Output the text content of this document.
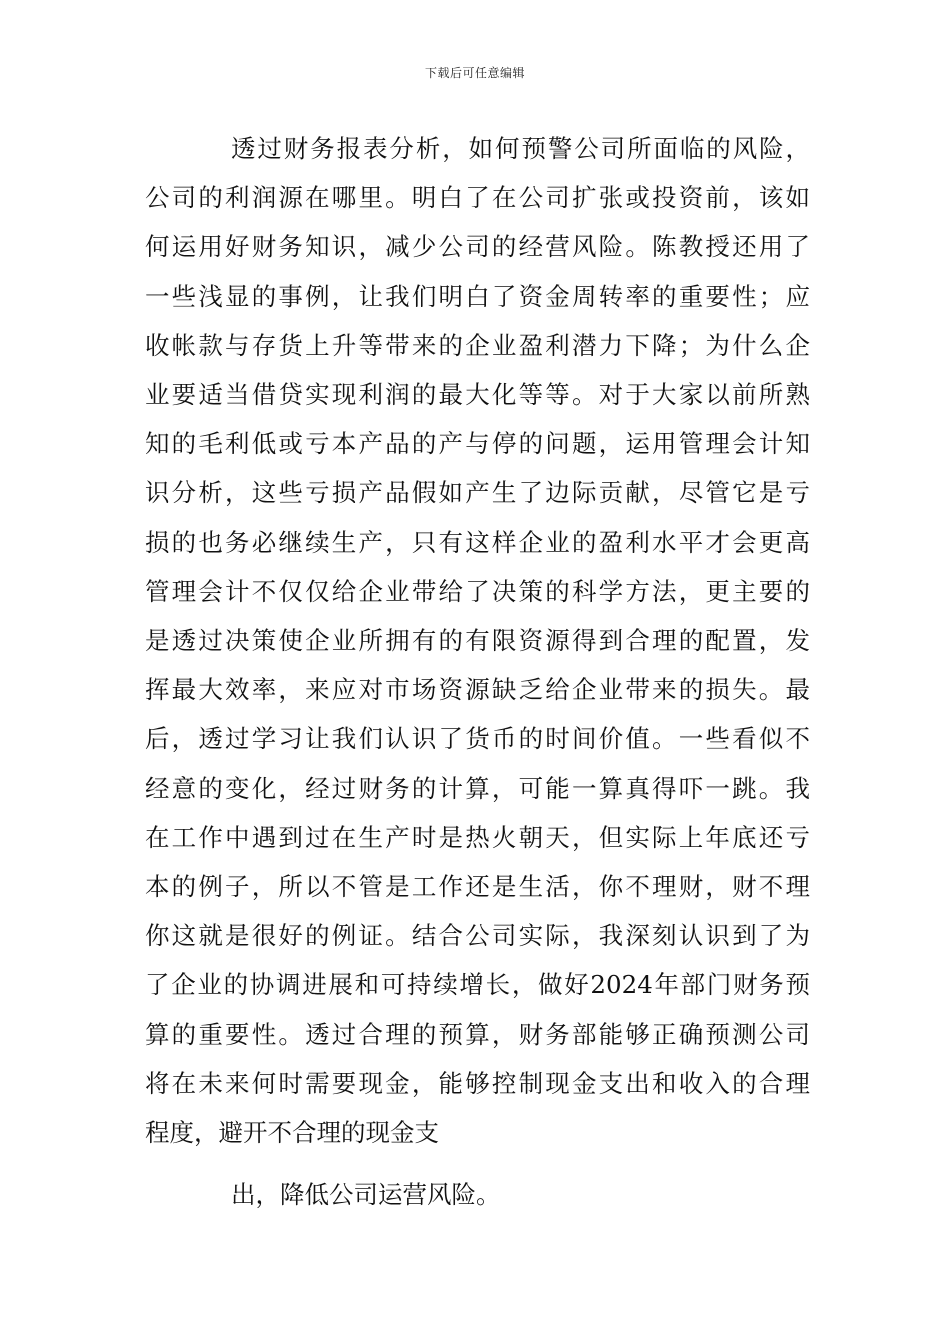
下载后可任意编辑
透过财务报表分析，如何预警公司所面临的风险，
公司的利润源在哪里。明白了在公司扩张或投资前，该如
何运用好财务知识，减少公司的经营风险。陈教授还用了
一些浅显的事例，让我们明白了资金周转率的重要性；应
收帐款与存货上升等带来的企业盈利潜力下降；为什么企
业要适当借贷实现利润的最大化等等。对于大家以前所熟
知的毛利低或亏本产品的产与停的问题，运用管理会计知
识分析，这些亏损产品假如产生了边际贡献，尽管它是亏
损的也务必继续生产，只有这样企业的盈利水平才会更高
管理会计不仅仅给企业带给了决策的科学方法，更主要的
是透过决策使企业所拥有的有限资源得到合理的配置，发
挥最大效率，来应对市场资源缺乏给企业带来的损失。最
后，透过学习让我们认识了货币的时间价值。一些看似不
经意的变化，经过财务的计算，可能一算真得吓一跳。我
在工作中遇到过在生产时是热火朝天，但实际上年底还亏
本的例子，所以不管是工作还是生活，你不理财，财不理
你这就是很好的例证。结合公司实际，我深刻认识到了为
了企业的协调进展和可持续增长，做好2024年部门财务预
算的重要性。透过合理的预算，财务部能够正确预测公司
将在未来何时需要现金，能够控制现金支出和收入的合理
程度，避开不合理的现金支
出，降低公司运营风险。
